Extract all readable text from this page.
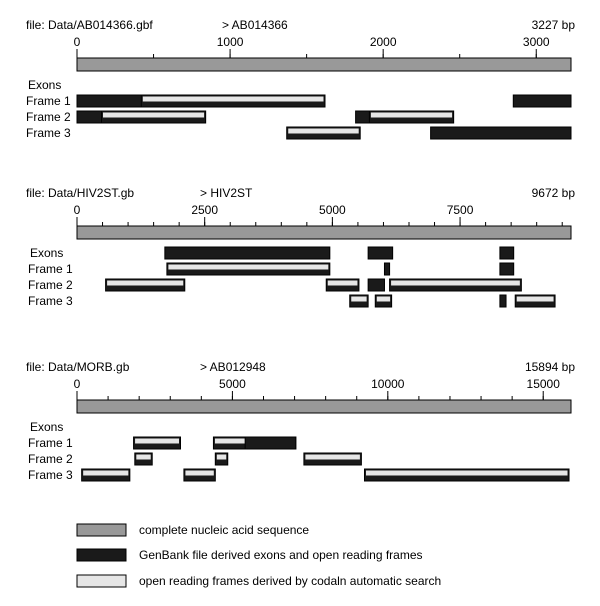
file: Data/AB014366.gbf	> AB014366	3227 bp
0	1000	2000	3000
Exons
Frame 1
Frame 2
Frame 3
file: Data/HIV2ST.gb	> HIV2ST	9672 bp
0	2500	5000	7500
Exons
Frame 1
Frame 2
Frame 3
file: Data/MORB.gb	> AB012948	15894 bp
0	5000	10000	15000
Exons
Frame 1
Frame 2
Frame 3
complete nucleic acid sequence
GenBank file derived exons and open reading frames
open reading frames derived by codaln automatic search
